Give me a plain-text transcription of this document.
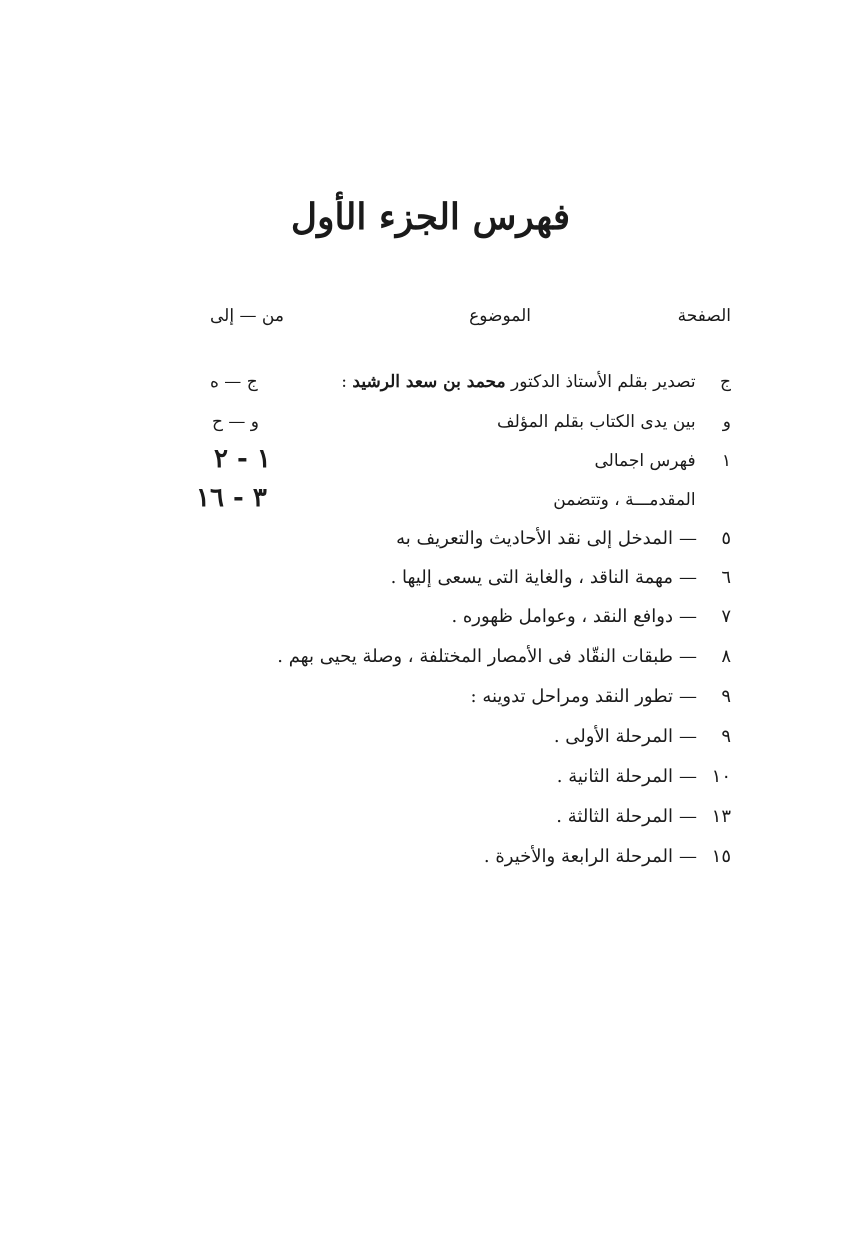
فهرس الجزء الأول
الصفحة
الموضوع
من — إلى
ج تصدير بقلم الأستاذ الدكتور محمد بن سعد الرشيد :
ج — ه
و بين يدى الكتاب بقلم المؤلف
و — ح
١ فهرس اجمالى
١ - ٢
المقدمـــة ، وتتضمن
٣ - ١٦
٥—المدخل إلى نقد الأحاديث والتعريف به
٦—مهمة الناقد ، والغاية التى يسعى إليها .
٧—دوافع النقد ، وعوامل ظهوره .
٨—طبقات النقّاد فى الأمصار المختلفة ، وصلة يحيى بهم .
٩—تطور النقد ومراحل تدوينه :
٩—المرحلة الأولى .
١٠—المرحلة الثانية .
١٣—المرحلة الثالثة .
١٥—المرحلة الرابعة والأخيرة .
